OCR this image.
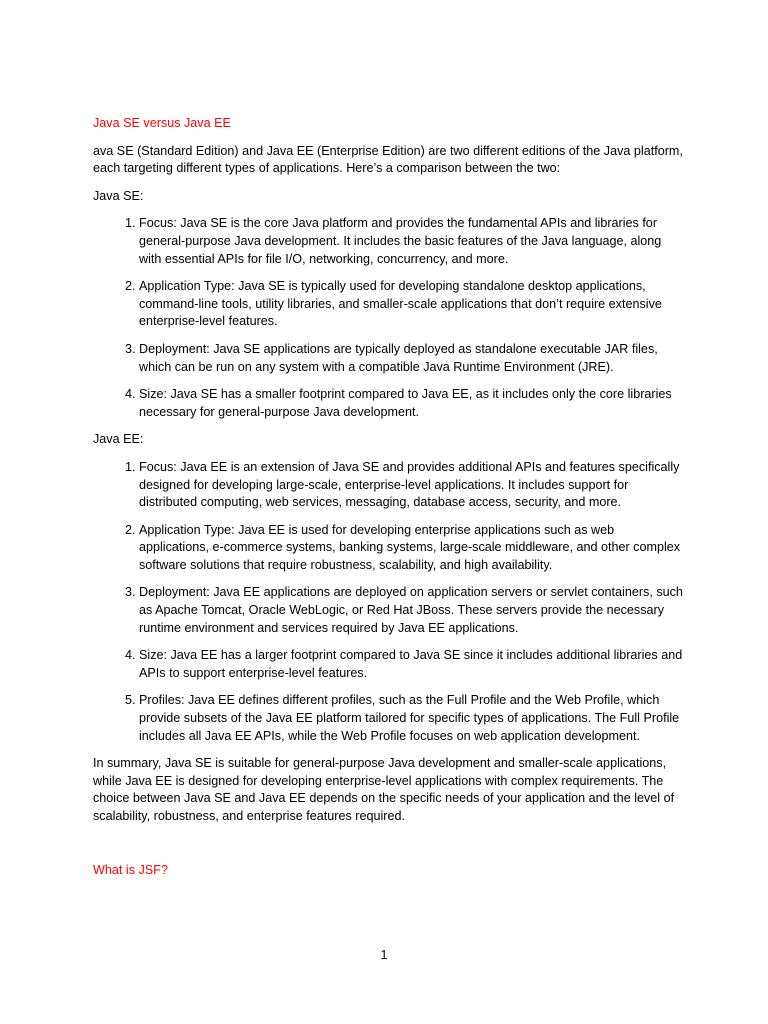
Java SE versus Java EE
ava SE (Standard Edition) and Java EE (Enterprise Edition) are two different editions of the Java platform, each targeting different types of applications. Here’s a comparison between the two:
Java SE:
1. Focus: Java SE is the core Java platform and provides the fundamental APIs and libraries for general-purpose Java development. It includes the basic features of the Java language, along with essential APIs for file I/O, networking, concurrency, and more.
2. Application Type: Java SE is typically used for developing standalone desktop applications, command-line tools, utility libraries, and smaller-scale applications that don’t require extensive enterprise-level features.
3. Deployment: Java SE applications are typically deployed as standalone executable JAR files, which can be run on any system with a compatible Java Runtime Environment (JRE).
4. Size: Java SE has a smaller footprint compared to Java EE, as it includes only the core libraries necessary for general-purpose Java development.
Java EE:
1. Focus: Java EE is an extension of Java SE and provides additional APIs and features specifically designed for developing large-scale, enterprise-level applications. It includes support for distributed computing, web services, messaging, database access, security, and more.
2. Application Type: Java EE is used for developing enterprise applications such as web applications, e-commerce systems, banking systems, large-scale middleware, and other complex software solutions that require robustness, scalability, and high availability.
3. Deployment: Java EE applications are deployed on application servers or servlet containers, such as Apache Tomcat, Oracle WebLogic, or Red Hat JBoss. These servers provide the necessary runtime environment and services required by Java EE applications.
4. Size: Java EE has a larger footprint compared to Java SE since it includes additional libraries and APIs to support enterprise-level features.
5. Profiles: Java EE defines different profiles, such as the Full Profile and the Web Profile, which provide subsets of the Java EE platform tailored for specific types of applications. The Full Profile includes all Java EE APIs, while the Web Profile focuses on web application development.
In summary, Java SE is suitable for general-purpose Java development and smaller-scale applications, while Java EE is designed for developing enterprise-level applications with complex requirements. The choice between Java SE and Java EE depends on the specific needs of your application and the level of scalability, robustness, and enterprise features required.
What is JSF?
1
